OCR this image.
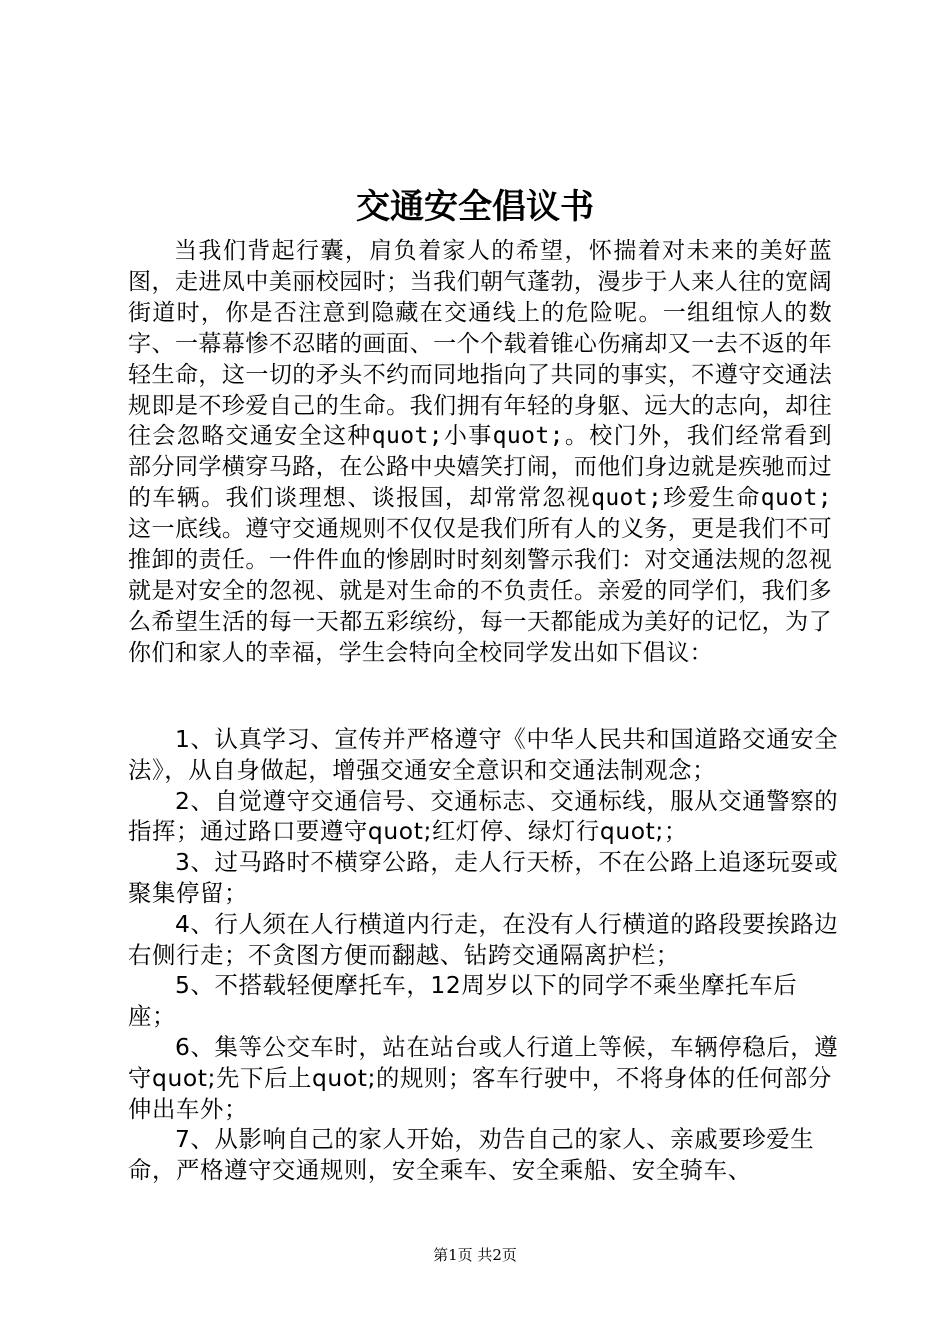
交通安全倡议书

当我们背起行囊，肩负着家人的希望，怀揣着对未来的美好蓝图，走进凤中美丽校园时；当我们朝气蓬勃，漫步于人来人往的宽阔街道时，你是否注意到隐藏在交通线上的危险呢。一组组惊人的数字、一幕幕惨不忍睹的画面、一个个载着锥心伤痛却又一去不返的年轻生命，这一切的矛头不约而同地指向了共同的事实，不遵守交通法规即是不珍爱自己的生命。我们拥有年轻的身躯、远大的志向，却往往会忽略交通安全这种quot;小事quot;。校门外，我们经常看到部分同学横穿马路，在公路中央嬉笑打闹，而他们身边就是疾驰而过的车辆。我们谈理想、谈报国，却常常忽视quot;珍爱生命quot;这一底线。遵守交通规则不仅仅是我们所有人的义务，更是我们不可推卸的责任。一件件血的惨剧时时刻刻警示我们：对交通法规的忽视就是对安全的忽视、就是对生命的不负责任。亲爱的同学们，我们多么希望生活的每一天都五彩缤纷，每一天都能成为美好的记忆，为了你们和家人的幸福，学生会特向全校同学发出如下倡议：

1、认真学习、宣传并严格遵守《中华人民共和国道路交通安全法》，从自身做起，增强交通安全意识和交通法制观念；
2、自觉遵守交通信号、交通标志、交通标线，服从交通警察的指挥；通过路口要遵守quot;红灯停、绿灯行quot;；
3、过马路时不横穿公路，走人行天桥，不在公路上追逐玩耍或聚集停留；
4、行人须在人行横道内行走，在没有人行横道的路段要挨路边右侧行走；不贪图方便而翻越、钻跨交通隔离护栏；
5、不搭载轻便摩托车，12周岁以下的同学不乘坐摩托车后座；
6、集等公交车时，站在站台或人行道上等候，车辆停稳后，遵守quot;先下后上quot;的规则；客车行驶中，不将身体的任何部分伸出车外；
7、从影响自己的家人开始，劝告自己的家人、亲戚要珍爱生命，严格遵守交通规则，安全乘车、安全乘船、安全骑车、
第1页 共2页
